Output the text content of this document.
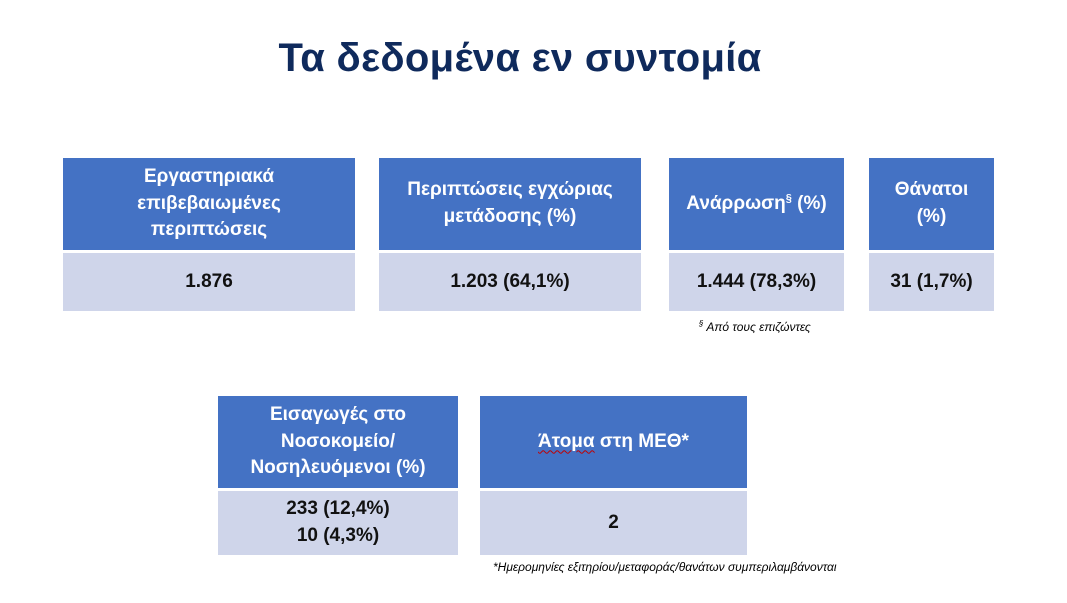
Τα δεδομένα εν συντομία
Εργαστηριακά
επιβεβαιωμένες
περιπτώσεις
1.876
Περιπτώσεις εγχώριας
μετάδοσης (%)
1.203 (64,1%)
Ανάρρωση§ (%)
1.444 (78,3%)
§ Από τους επιζώντες
Θάνατοι
(%)
31 (1,7%)
Εισαγωγές στο
Νοσοκομείο/
Νοσηλευόμενοι (%)
233 (12,4%)
10 (4,3%)
Άτομα στη ΜΕΘ*
2
*Ημερομηνίες εξιτηρίου/μεταφοράς/θανάτων συμπεριλαμβάνονται
